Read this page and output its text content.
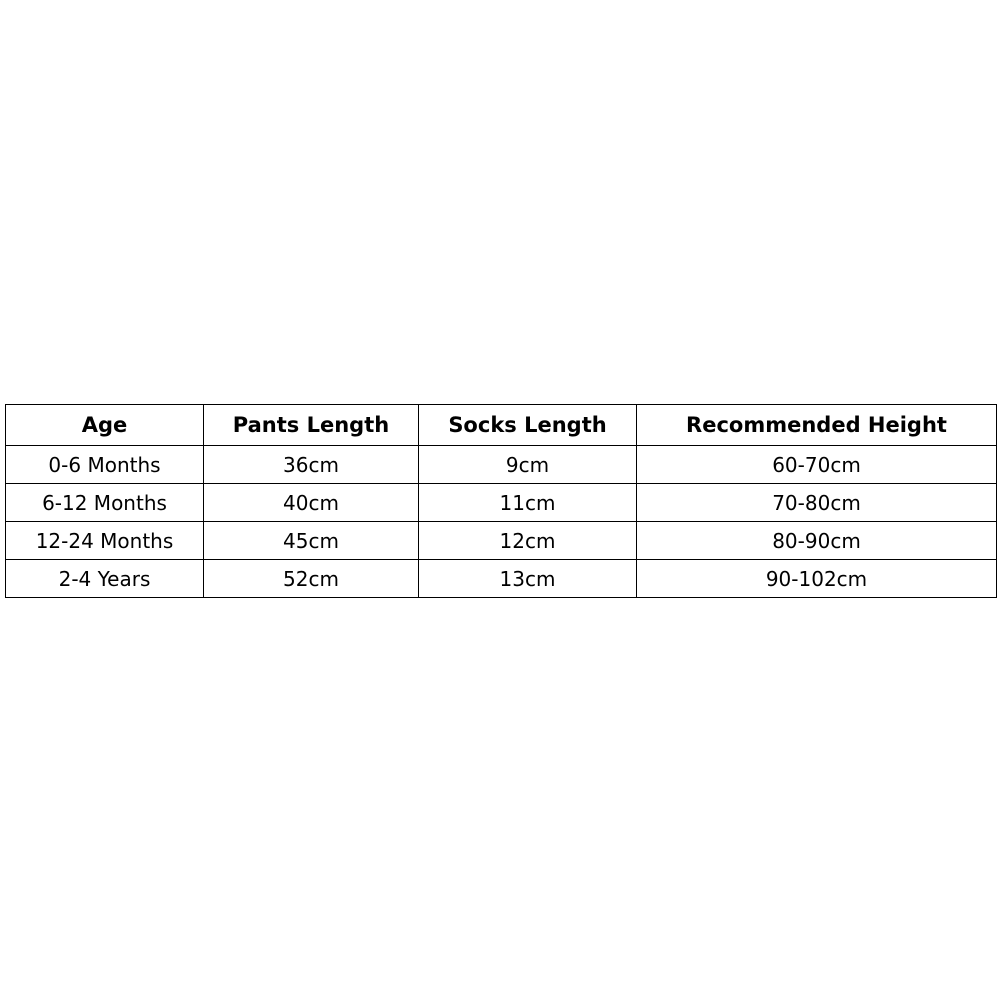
Age	Pants Length	Socks Length	Recommended Height
0-6 Months	36cm	9cm	60-70cm
6-12 Months	40cm	11cm	70-80cm
12-24 Months	45cm	12cm	80-90cm
2-4 Years	52cm	13cm	90-102cm
